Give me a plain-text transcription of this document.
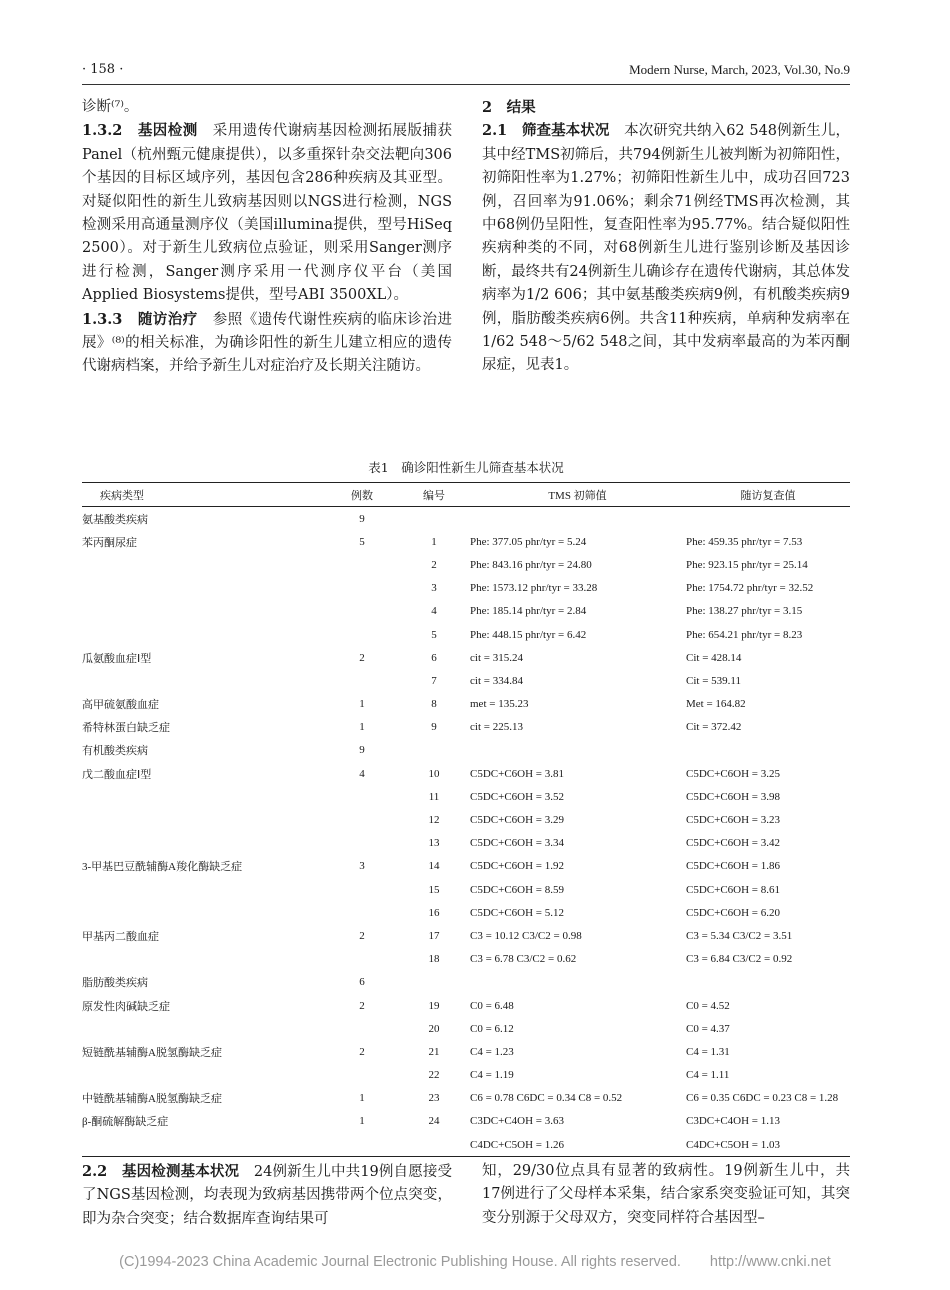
· 158 ·	Modern Nurse, March, 2023, Vol.30, No.9

诊断⁽⁷⁾。

1.3.2　基因检测　采用遗传代谢病基因检测拓展版捕获Panel（杭州甄元健康提供），以多重探针杂交法靶向306个基因的目标区域序列，基因包含286种疾病及其亚型。对疑似阳性的新生儿致病基因则以NGS进行检测，NGS检测采用高通量测序仪（美国illumina提供，型号HiSeq 2500）。对于新生儿致病位点验证，则采用Sanger测序进行检测，Sanger测序采用一代测序仪平台（美国Applied Biosystems提供，型号ABI 3500XL）。

1.3.3　随访治疗　参照《遗传代谢性疾病的临床诊治进展》⁽⁸⁾的相关标准，为确诊阳性的新生儿建立相应的遗传代谢病档案，并给予新生儿对症治疗及长期关注随访。

2　结果

2.1　筛查基本状况　本次研究共纳入62 548例新生儿，其中经TMS初筛后，共794例新生儿被判断为初筛阳性，初筛阳性率为1.27%；初筛阳性新生儿中，成功召回723例，召回率为91.06%；剩余71例经TMS再次检测，其中68例仍呈阳性，复查阳性率为95.77%。结合疑似阳性疾病种类的不同，对68例新生儿进行鉴别诊断及基因诊断，最终共有24例新生儿确诊存在遗传代谢病，其总体发病率为1/2 606；其中氨基酸类疾病9例，有机酸类疾病9例，脂肪酸类疾病6例。共含11种疾病，单病种发病率在1/62 548～5/62 548之间，其中发病率最高的为苯丙酮尿症，见表1。

表1　确诊阳性新生儿筛查基本状况
疾病类型	例数	编号	TMS 初筛值	随访复查值
氨基酸类疾病	9			
苯丙酮尿症	5	1	Phe: 377.05 phr/tyr = 5.24	Phe: 459.35 phr/tyr = 7.53
		2	Phe: 843.16 phr/tyr = 24.80	Phe: 923.15 phr/tyr = 25.14
		3	Phe: 1573.12 phr/tyr = 33.28	Phe: 1754.72 phr/tyr = 32.52
		4	Phe: 185.14 phr/tyr = 2.84	Phe: 138.27 phr/tyr = 3.15
		5	Phe: 448.15 phr/tyr = 6.42	Phe: 654.21 phr/tyr = 8.23
瓜氨酸血症Ⅰ型	2	6	cit = 315.24	Cit = 428.14
		7	cit = 334.84	Cit = 539.11
高甲硫氨酸血症	1	8	met = 135.23	Met = 164.82
希特林蛋白缺乏症	1	9	cit = 225.13	Cit = 372.42
有机酸类疾病	9			
戊二酸血症Ⅰ型	4	10	C5DC+C6OH = 3.81	C5DC+C6OH = 3.25
		11	C5DC+C6OH = 3.52	C5DC+C6OH = 3.98
		12	C5DC+C6OH = 3.29	C5DC+C6OH = 3.23
		13	C5DC+C6OH = 3.34	C5DC+C6OH = 3.42
3-甲基巴豆酰辅酶A羧化酶缺乏症	3	14	C5DC+C6OH = 1.92	C5DC+C6OH = 1.86
		15	C5DC+C6OH = 8.59	C5DC+C6OH = 8.61
		16	C5DC+C6OH = 5.12	C5DC+C6OH = 6.20
甲基丙二酸血症	2	17	C3 = 10.12 C3/C2 = 0.98	C3 = 5.34 C3/C2 = 3.51
		18	C3 = 6.78 C3/C2 = 0.62	C3 = 6.84 C3/C2 = 0.92
脂肪酸类疾病	6			
原发性肉碱缺乏症	2	19	C0 = 6.48	C0 = 4.52
		20	C0 = 6.12	C0 = 4.37
短链酰基辅酶A脱氢酶缺乏症	2	21	C4 = 1.23	C4 = 1.31
		22	C4 = 1.19	C4 = 1.11
中链酰基辅酶A脱氢酶缺乏症	1	23	C6 = 0.78 C6DC = 0.34 C8 = 0.52	C6 = 0.35 C6DC = 0.23 C8 = 1.28
β-酮硫解酶缺乏症	1	24	C3DC+C4OH = 3.63	C3DC+C4OH = 1.13
			C4DC+C5OH = 1.26	C4DC+C5OH = 1.03

2.2　基因检测基本状况　24例新生儿中共19例自愿接受了NGS基因检测，均表现为致病基因携带两个位点突变，即为杂合突变；结合数据库查询结果可

知，29/30位点具有显著的致病性。19例新生儿中，共17例进行了父母样本采集，结合家系突变验证可知，其突变分别源于父母双方，突变同样符合基因型–

(C)1994-2023 China Academic Journal Electronic Publishing House. All rights reserved.　　http://www.cnki.net
